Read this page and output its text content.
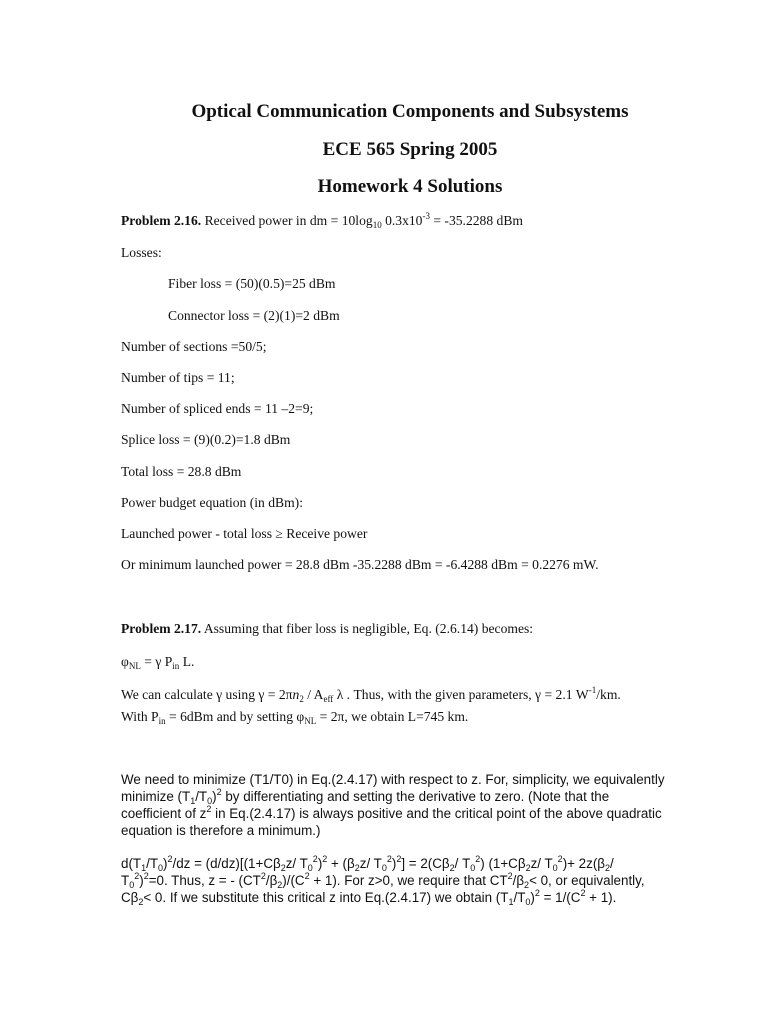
Optical Communication Components and Subsystems
ECE 565 Spring 2005
Homework 4 Solutions
Problem 2.16. Received power in dm = $10\log_{10}$ $0.3x10^{-3} = -35.2288$ dBm
Losses:
Fiber loss = (50)(0.5)=25 dBm
Connector loss = (2)(1)=2 dBm
Number of sections =50/5;
Number of tips = 11;
Number of spliced ends = 11 –2=9;
Splice loss = (9)(0.2)=1.8 dBm
Total loss = 28.8 dBm
Power budget equation (in dBm):
Launched power - total loss ≥ Receive power
Or minimum launched power = 28.8 dBm -35.2288 dBm = -6.4288 dBm = 0.2276 mW.
Problem 2.17. Assuming that fiber loss is negligible, Eq. (2.6.14) becomes:
$\varphi_{NL} = \gamma$ $P_{in}$ L.
We can calculate γ using $\gamma = 2\pi n_2 / A_{eff}$ λ . Thus, with the given parameters, γ = 2.1 $W^{-1}/km$.
With $P_{in} = 6dBm$ and by setting $\varphi_{NL} = 2\pi$, we obtain L=745 km.
We need to minimize (T1/T0) in Eq.(2.4.17) with respect to z. For, simplicity, we equivalently
minimize $(T_1/T_0)^2$ by differentiating and setting the derivative to zero. (Note that the
coefficient of $z^2$ in Eq.(2.4.17) is always positive and the critical point of the above quadratic
equation is therefore a minimum.)
$d(T_1/T_0)^2/dz = (d/dz)[(1+C\beta_2z/$ $T_0^2)^2 + (\beta_2z/$ $T_0^2)^2] = 2(C\beta_2/$ $T_0^2$) ($1+C\beta_2z/$ $T_0^2)+ 2z(\beta_2/$
$T_0^2)^2=0$. Thus, z = - $(CT^2/\beta_2)/(C^2 + 1)$. For z>0, we require that $CT^2/\beta_2< 0$, or equivalently,
$C\beta_2< 0$. If we substitute this critical z into Eq.(2.4.17) we obtain $(T_1/T_0)^2 = 1/(C^2 + 1)$.
